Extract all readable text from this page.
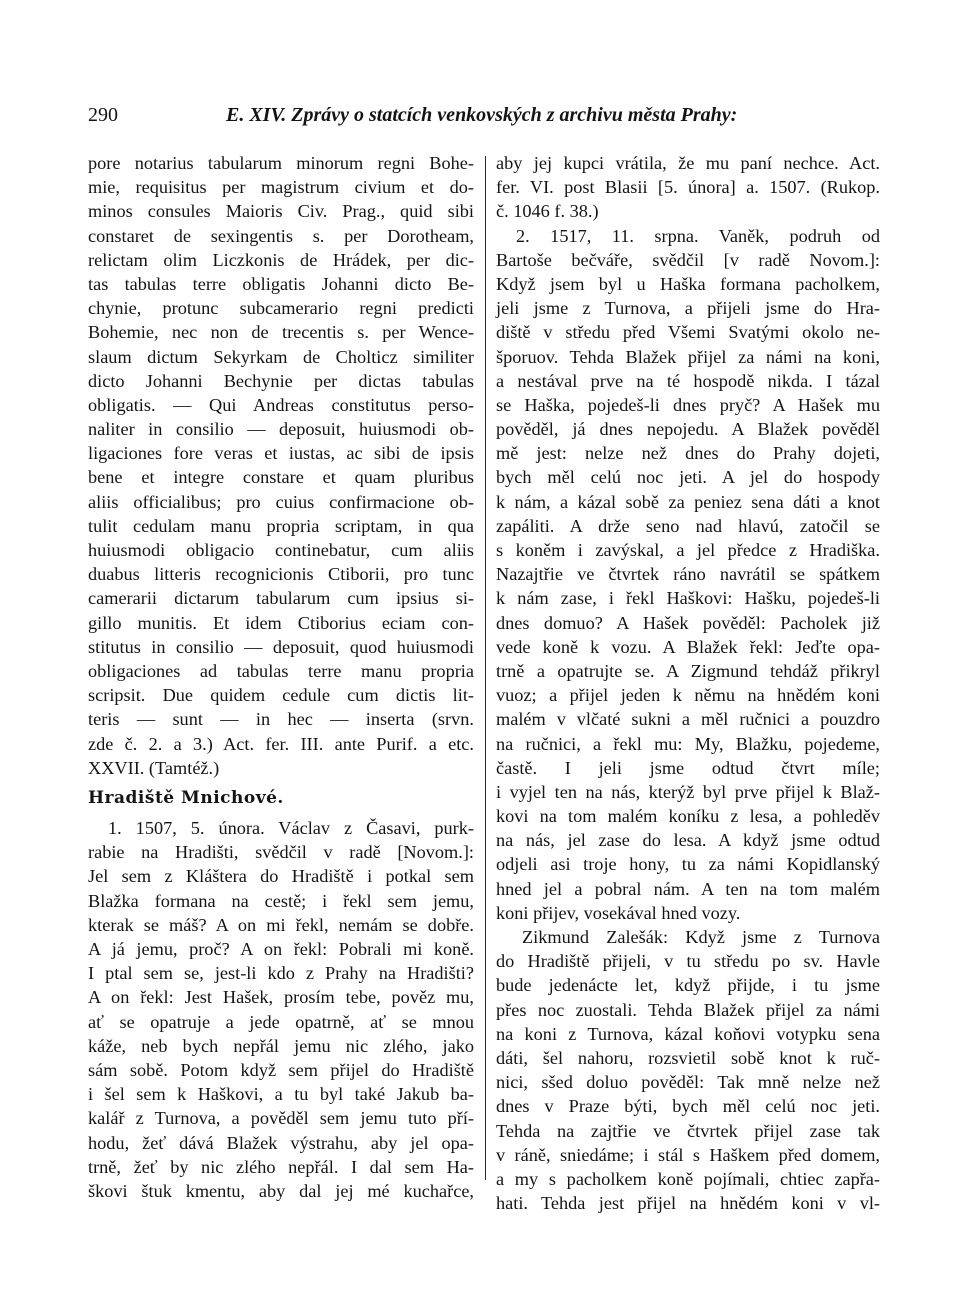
290	E. XIV. Zprávy o statcích venkovských z archivu města Prahy:
pore notarius tabularum minorum regni Bohe-
mie, requisitus per magistrum civium et do-
minos consules Maioris Civ. Prag., quid sibi
constaret de sexingentis s. per Dorotheam,
relictam olim Liczkonis de Hrádek, per dic-
tas tabulas terre obligatis Johanni dicto Be-
chynie, protunc subcamerario regni predicti
Bohemie, nec non de trecentis s. per Wence-
slaum dictum Sekyrkam de Cholticz similiter
dicto Johanni Bechynie per dictas tabulas
obligatis. — Qui Andreas constitutus perso-
naliter in consilio — deposuit, huiusmodi ob-
ligaciones fore veras et iustas, ac sibi de ipsis
bene et integre constare et quam pluribus
aliis officialibus; pro cuius confirmacione ob-
tulit cedulam manu propria scriptam, in qua
huiusmodi obligacio continebatur, cum aliis
duabus litteris recognicionis Ctiborii, pro tunc
camerarii dictarum tabularum cum ipsius si-
gillo munitis. Et idem Ctiborius eciam con-
stitutus in consilio — deposuit, quod huiusmodi
obligaciones ad tabulas terre manu propria
scripsit. Due quidem cedule cum dictis lit-
teris — sunt — in hec — inserta (srvn.
zde č. 2. a 3.) Act. fer. III. ante Purif. a etc.
XXVII. (Tamtéž.)
Hradiště Mnichové.
1. 1507, 5. února. Václav z Časavi, purk-
rabie na Hradišti, svědčil v radě [Novom.]:
Jel sem z Kláštera do Hradiště i potkal sem
Blažka formana na cestě; i řekl sem jemu,
kterak se máš? A on mi řekl, nemám se dobře.
A já jemu, proč? A on řekl: Pobrali mi koně.
I ptal sem se, jest-li kdo z Prahy na Hradišti?
A on řekl: Jest Hašek, prosím tebe, pověz mu,
ať se opatruje a jede opatrně, ať se mnou
káže, neb bych nepřál jemu nic zlého, jako
sám sobě. Potom když sem přijel do Hradiště
i šel sem k Haškovi, a tu byl také Jakub ba-
kalář z Turnova, a pověděl sem jemu tuto pří-
hodu, žeť dává Blažek výstrahu, aby jel opa-
trně, žeť by nic zlého nepřál. I dal sem Ha-
škovi štuk kmentu, aby dal jej mé kuchařce,
aby jej kupci vrátila, že mu paní nechce. Act.
fer. VI. post Blasii [5. února] a. 1507. (Rukop.
č. 1046 f. 38.)
2. 1517, 11. srpna. Vaněk, podruh od
Bartoše bečváře, svědčil [v radě Novom.]:
Když jsem byl u Haška formana pacholkem,
jeli jsme z Turnova, a přijeli jsme do Hra-
diště v středu před Všemi Svatými okolo ne-
šporuov. Tehda Blažek přijel za námi na koni,
a nestával prve na té hospodě nikda. I tázal
se Haška, pojedeš-li dnes pryč? A Hašek mu
pověděl, já dnes nepojedu. A Blažek pověděl
mě jest: nelze než dnes do Prahy dojeti,
bych měl celú noc jeti. A jel do hospody
k nám, a kázal sobě za peniez sena dáti a knot
zapáliti. A drže seno nad hlavú, zatočil se
s koněm i zavýskal, a jel předce z Hradiška.
Nazajtřie ve čtvrtek ráno navrátil se spátkem
k nám zase, i řekl Haškovi: Hašku, pojedeš-li
dnes domuo? A Hašek pověděl: Pacholek již
vede koně k vozu. A Blažek řekl: Jeďte opa-
trně a opatrujte se. A Zigmund tehdáž přikryl
vuoz; a přijel jeden k němu na hnědém koni
malém v vlčaté sukni a měl ručnici a pouzdro
na ručnici, a řekl mu: My, Blažku, pojedeme,
častě. I jeli jsme odtud čtvrt míle;
i vyjel ten na nás, kterýž byl prve přijel k Blaž-
kovi na tom malém koníku z lesa, a pohleděv
na nás, jel zase do lesa. A když jsme odtud
odjeli asi troje hony, tu za námi Kopidlanský
hned jel a pobral nám. A ten na tom malém
koni přijev, vosekával hned vozy.
Zikmund Zalešák: Když jsme z Turnova
do Hradiště přijeli, v tu středu po sv. Havle
bude jedenácte let, když přijde, i tu jsme
přes noc zuostali. Tehda Blažek přijel za námi
na koni z Turnova, kázal koňovi votypku sena
dáti, šel nahoru, rozsvietil sobě knot k ruč-
nici, sšed doluo pověděl: Tak mně nelze než
dnes v Praze býti, bych měl celú noc jeti.
Tehda na zajtřie ve čtvrtek přijel zase tak
v ráně, sniedáme; i stál s Haškem před domem,
a my s pacholkem koně pojímali, chtiec zapřa-
hati. Tehda jest přijel na hnědém koni v vl-
